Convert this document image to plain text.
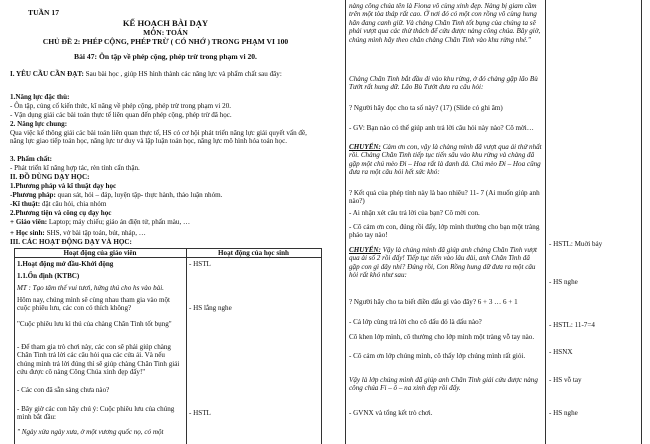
TUẦN 17
KẾ HOẠCH BÀI DẠY
MÔN: TOÁN
CHỦ ĐỀ 2: PHÉP CỘNG, PHÉP TRỪ ( CÓ NHỚ ) TRONG PHẠM VI 100
Bài 47: Ôn tập về phép cộng, phép trừ trong phạm vi 20.
I. YÊU CẦU CẦN ĐẠT: Sau bài học , giúp HS hình thành các năng lực và phẩm chất sau đây:
1.Năng lực đặc thù:
- Ôn tập, củng cố kiến thức, kĩ năng về phép cộng, phép trừ trong phạm vi 20.
- Vận dụng giải các bài toán thực tế liên quan đến phép cộng, phép trừ đã học.
2. Năng lực chung:
Qua việc kể thông giải các bài toán liên quan thực tế, HS có cơ hội phát triển năng lực giải quyết vấn đề, năng lực giao tiếp toán học, năng lực tư duy và lập luận toán học, năng lực mô hình hóa toán học.
3. Phẩm chất:
- Phát triển kĩ năng hợp tác, rèn tính cẩn thận.
II. ĐỒ DÙNG DẠY HỌC:
1.Phương pháp và kĩ thuật dạy học
-Phương pháp: quan sát, hỏi – đáp, luyện tập- thực hành, thảo luận nhóm.
-Kĩ thuật: đặt câu hỏi, chia nhóm
2.Phương tiện và công cụ dạy học
+ Giáo viên: Laptop; máy chiếu; giáo án điện tử, phấn màu, …
+ Học sinh: SHS, vở bài tập toán, bút, nháp, …
III. CÁC HOẠT ĐỘNG DẠY VÀ HỌC:
Hoạt động của giáo viên	Hoạt động của học sinh
1.Hoạt động mở đầu-Khởi động
1.1.Ổn định (KTBC)
MT : Tạo tâm thế vui tươi, hứng thú cho hs vào bài.
Hôm nay, chúng mình sẽ cùng nhau tham gia vào một cuộc phiêu lưu, các con có thích không?
"Cuộc phiêu lưu kì thú của chàng Chăn Tinh tốt bụng"
- Để tham gia trò chơi này, các con sẽ phải giúp chàng Chăn Tinh trả lời các câu hỏi qua các cửa ải. Và nếu chúng mình trả lời đúng thì sẽ giúp chàng Chăn Tinh giải cứu được cô nàng Công Chúa xinh đẹp đấy!"
- Các con đã sẵn sàng chưa nào?
- Bây giờ các con hãy chú ý: Cuộc phiêu lưu của chúng mình bắt đầu:
" Ngày xửa ngày xưa, ở một vương quốc nọ, có một
- HSTL
- HS lắng nghe
- HSTL
nàng công chúa tên là Fiona vô cùng xinh đẹp. Nàng bị giam cầm trên một tòa tháp rất cao. Ở nơi đó có một con rồng vô cùng hung hãn đang canh giữ. Và chàng Chăn Tinh tốt bụng của chúng ta sẽ phải vượt qua các thử thách để cứu được nàng công chúa. Bây giờ, chúng mình hãy theo chân chàng Chăn Tinh vào khu rừng nhé."
Chàng Chăn Tinh bắt đầu đi vào khu rừng, ở đó chàng gặp lão Bù Tướt rất hung dữ. Lão Bù Tướt đưa ra câu hỏi:
? Người hãy đọc cho ta số này? (17) (Slide có ghi âm)
- GV: Bạn nào có thể giúp anh trả lời câu hỏi này nào? Cô mời…
CHUYỂN: Cảm ơn con, vậy là chàng mình đã vượt qua ải thứ nhất rồi. Chàng Chăn Tinh tiếp tục tiến sâu vào khu rừng và chàng đã gặp một chú mèo Đi – Hoa rất là đanh đá. Chú mèo Đi – Hoa cũng đưa ra một câu hỏi hết sức khó:
? Kết quả của phép tính này là bao nhiêu? 11- 7 (Ai muốn giúp anh nào?)
- Ai nhận xét câu trả lời của bạn? Cô mời con.
- Cô cảm ơn con, đúng rồi đấy, lớp mình thưởng cho bạn một tràng pháo tay nào!
CHUYỂN: Vậy là chúng mình đã giúp anh chàng Chăn Tinh vượt qua ải số 2 rồi đấy! Tiếp tục tiến vào lâu đài, anh Chăn Tinh đã gặp con gì đây nhỉ? Đúng rồi, Con Rồng hung dữ đưa ra một câu hỏi rất khó như sau:
? Người hãy cho ta biết điền dấu gì vào đây? 6 + 3 … 6 + 1
- Cả lớp cùng trả lời cho cô dấu đó là dấu nào?
Cô khen lớp mình, cô thưởng cho lớp mình một tràng vỗ tay nào.
- Cô cảm ơn lớp chúng mình, cô thấy lớp chúng mình rất giỏi.
Vậy là lớp chúng mình đã giúp anh Chăn Tinh giải cứu được nàng công chúa Fi – ô – na xinh đẹp rồi đấy.
- GVNX và tổng kết trò chơi.
- HSTL: Muời bảy
- HS nghe
- HSTL: 11-7=4
- HSNX
- HS vỗ tay
- HS nghe
